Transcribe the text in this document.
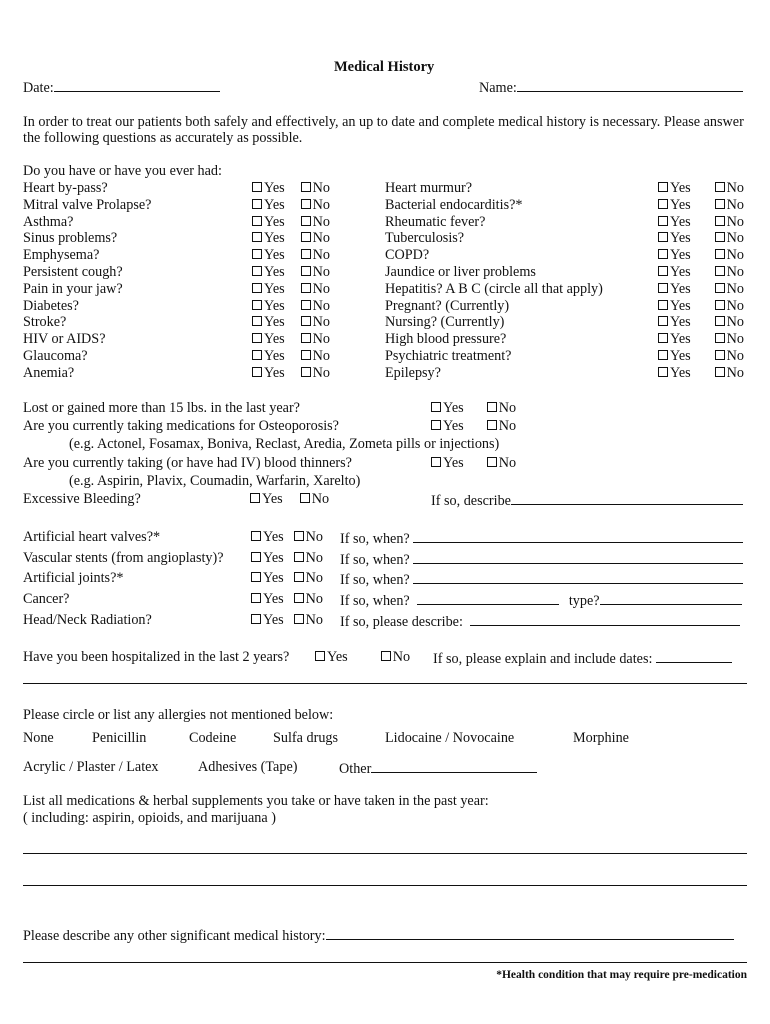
Medical History
Date:	Name:
In order to treat our patients both safely and effectively, an up to date and complete medical history is necessary. Please answer the following questions as accurately as possible.
Do you have or have you ever had:
Heart by-pass?	Yes No
Mitral valve Prolapse?	Yes No
Asthma?	Yes No
Sinus problems?	Yes No
Emphysema?	Yes No
Persistent cough?	Yes No
Pain in your jaw?	Yes No
Diabetes?	Yes No
Stroke?	Yes No
HIV or AIDS?	Yes No
Glaucoma?	Yes No
Anemia?	Yes No
Heart murmur?	Yes	No
Bacterial endocarditis?*	Yes	No
Rheumatic fever?	Yes	No
Tuberculosis?	Yes	No
COPD?	Yes	No
Jaundice or liver problems	Yes	No
Hepatitis? A B C (circle all that apply)	Yes	No
Pregnant? (Currently)	Yes	No
Nursing? (Currently)	Yes	No
High blood pressure?	Yes	No
Psychiatric treatment?	Yes	No
Epilepsy?	Yes	No
Lost or gained more than 15 lbs. in the last year?	Yes No
Are you currently taking medications for Osteoporosis?	Yes No
(e.g. Actonel, Fosamax, Boniva, Reclast, Aredia, Zometa pills or injections)
Are you currently taking (or have had IV) blood thinners?	Yes No
(e.g. Aspirin, Plavix, Coumadin, Warfarin, Xarelto)
Excessive Bleeding?	Yes No	If so, describe
Artificial heart valves?*	Yes No If so, when?
Vascular stents (from angioplasty)?	Yes No If so, when?
Artificial joints?*	Yes No If so, when?
Cancer?	Yes No If so, when?	type?
Head/Neck Radiation?	Yes No If so, please describe:
Have you been hospitalized in the last 2 years?	Yes	No If so, please explain and include dates:
Please circle or list any allergies not mentioned below:
None	Penicillin	Codeine	Sulfa drugs	Lidocaine / Novocaine	Morphine
Acrylic / Plaster / Latex	Adhesives (Tape)	Other
List all medications & herbal supplements you take or have taken in the past year:
( including: aspirin, opioids, and marijuana )
Please describe any other significant medical history:
*Health condition that may require pre-medication
